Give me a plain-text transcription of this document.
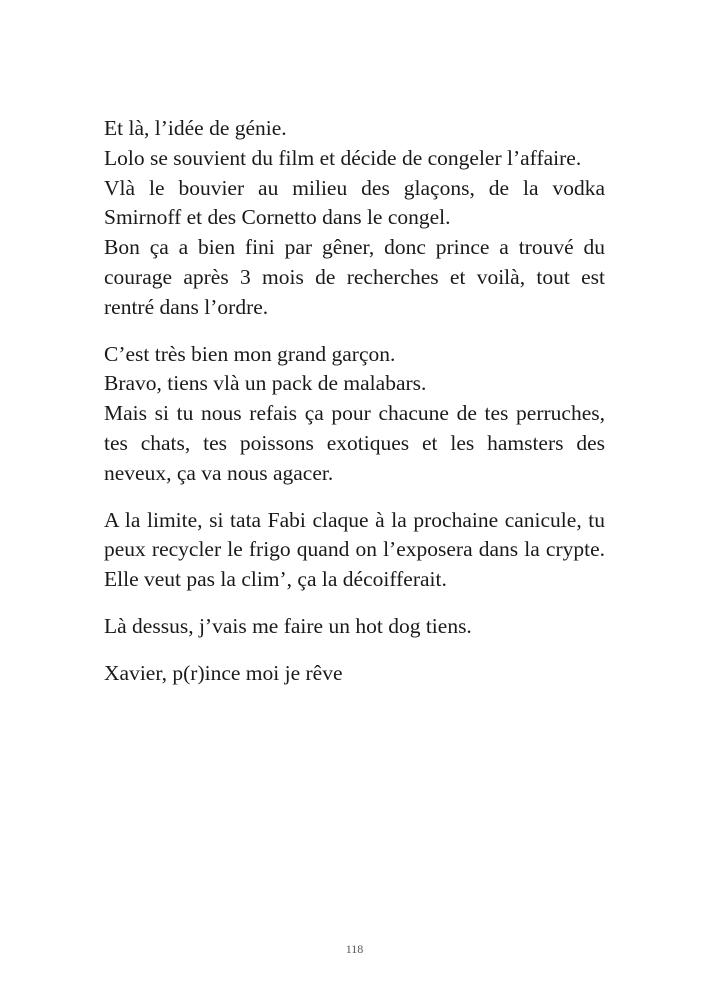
Et là, l’idée de génie.
Lolo se souvient du film et décide de congeler l’affaire.
Vlà le bouvier au milieu des glaçons, de la vodka Smirnoff et des Cornetto dans le congel.
Bon ça a bien fini par gêner, donc prince a trouvé du courage après 3 mois de recherches et voilà, tout est rentré dans l’ordre.
C’est très bien mon grand garçon.
Bravo, tiens vlà un pack de malabars.
Mais si tu nous refais ça pour chacune de tes perruches, tes chats, tes poissons exotiques et les hamsters des neveux, ça va nous agacer.
A la limite, si tata Fabi claque à la prochaine canicule, tu peux recycler le frigo quand on l’exposera dans la crypte. Elle veut pas la clim’, ça la décoifferait.
Là dessus, j’vais me faire un hot dog tiens.
Xavier, p(r)ince moi je rêve
118
